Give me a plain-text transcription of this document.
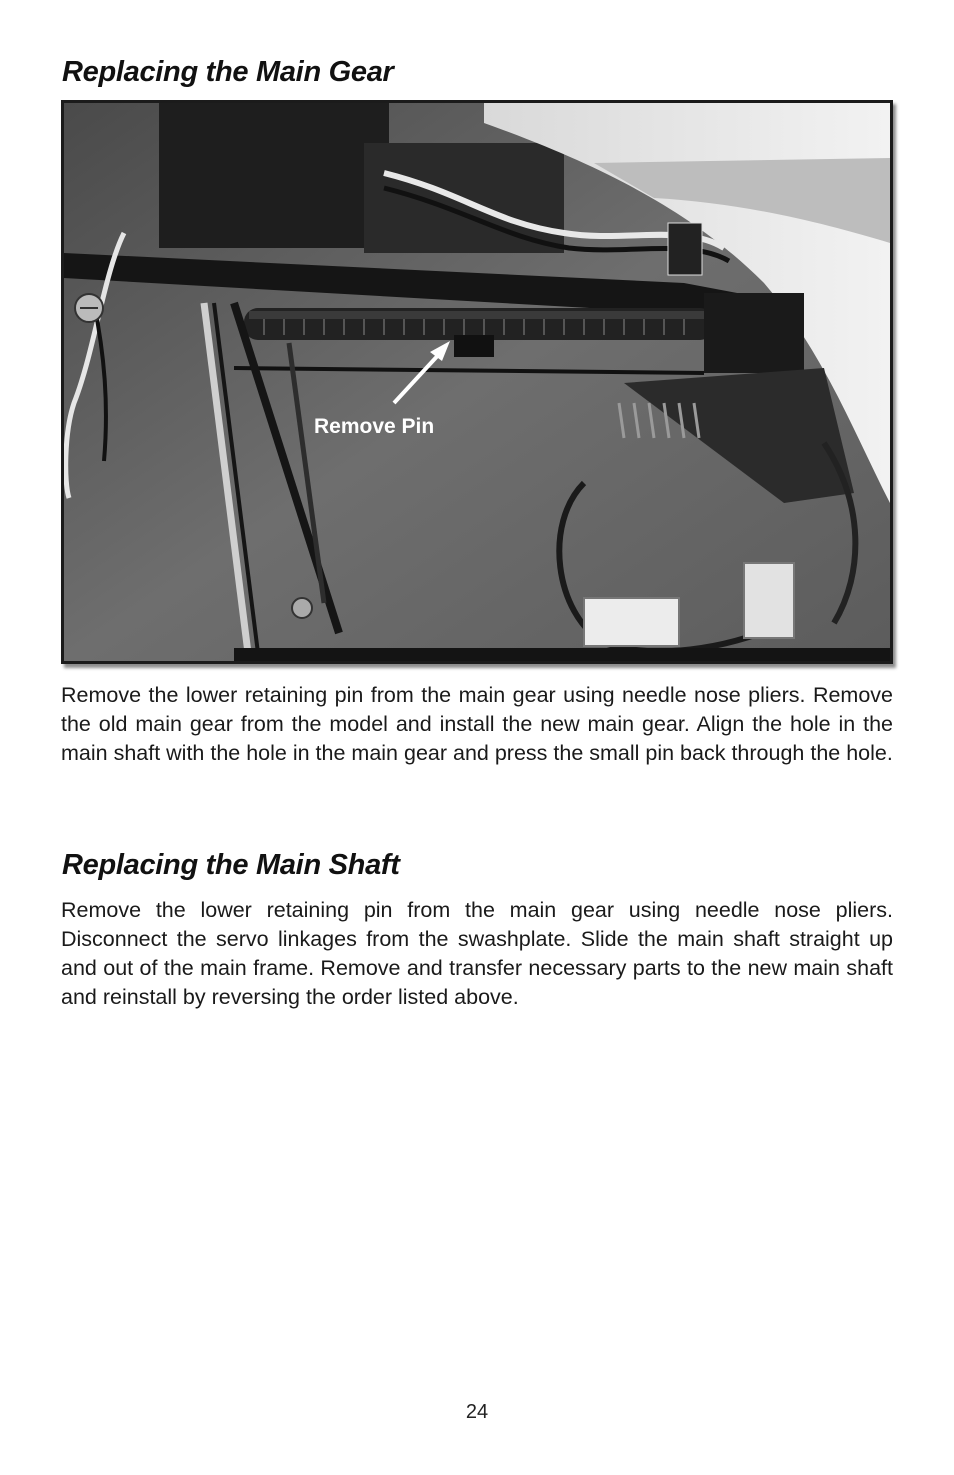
Replacing the Main Gear
Remove Pin

Remove the lower retaining pin from the main gear using needle nose pliers. Remove the old main gear from the model and install the new main gear. Align the hole in the main shaft with the hole in the main gear and press the small pin back through the hole.

Replacing the Main Shaft

Remove the lower retaining pin from the main gear using needle nose pliers. Disconnect the servo linkages from the swashplate. Slide the main shaft straight up and out of the main frame. Remove and transfer necessary parts to the new main shaft and reinstall by reversing the order listed above.

24
